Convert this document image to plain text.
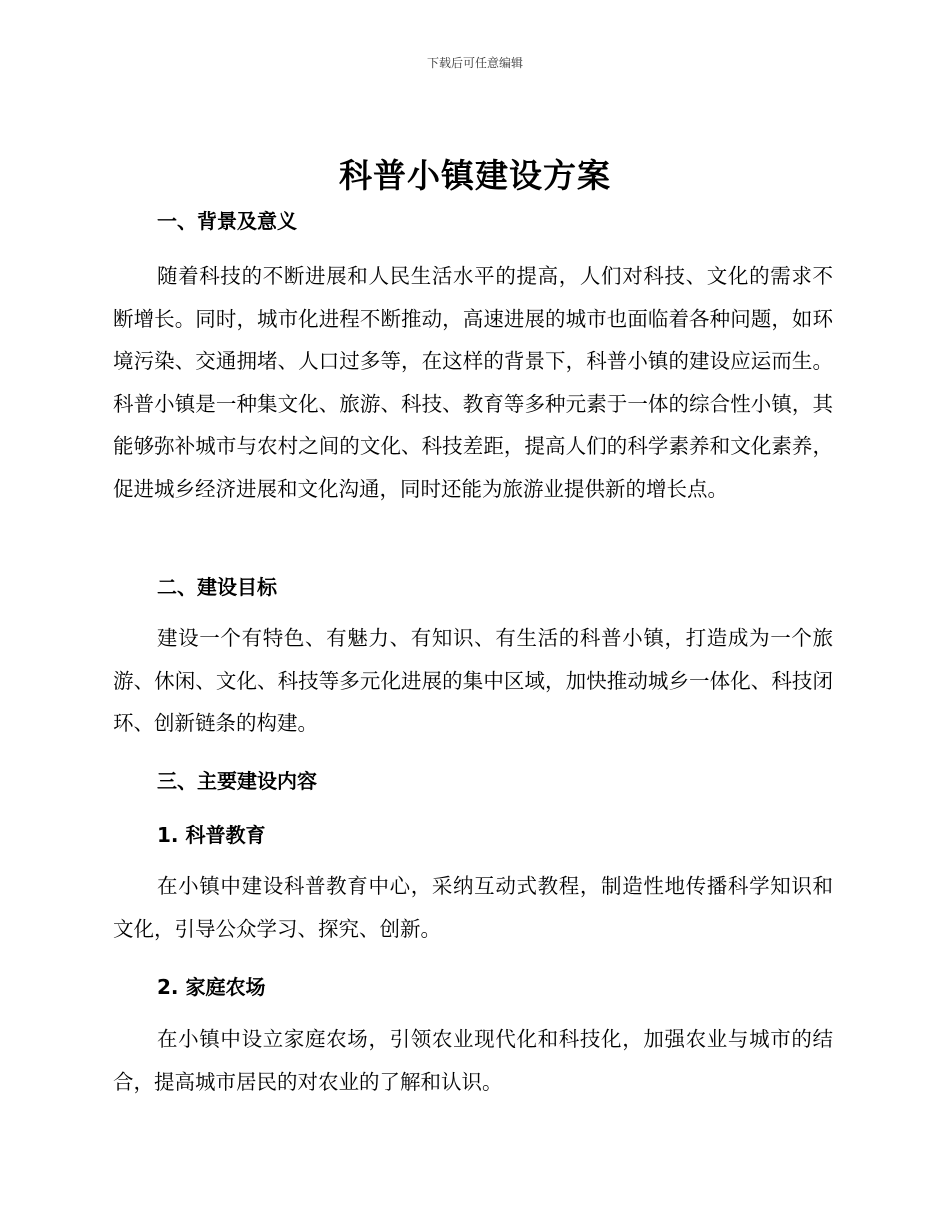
下载后可任意编辑
科普小镇建设方案
一、背景及意义
随着科技的不断进展和人民生活水平的提高，人们对科技、文化的需求不断增长。同时，城市化进程不断推动，高速进展的城市也面临着各种问题，如环境污染、交通拥堵、人口过多等，在这样的背景下，科普小镇的建设应运而生。科普小镇是一种集文化、旅游、科技、教育等多种元素于一体的综合性小镇，其能够弥补城市与农村之间的文化、科技差距，提高人们的科学素养和文化素养，促进城乡经济进展和文化沟通，同时还能为旅游业提供新的增长点。
二、建设目标
建设一个有特色、有魅力、有知识、有生活的科普小镇，打造成为一个旅游、休闲、文化、科技等多元化进展的集中区域，加快推动城乡一体化、科技闭环、创新链条的构建。
三、主要建设内容
1. 科普教育
在小镇中建设科普教育中心，采纳互动式教程，制造性地传播科学知识和文化，引导公众学习、探究、创新。
2. 家庭农场
在小镇中设立家庭农场，引领农业现代化和科技化，加强农业与城市的结合，提高城市居民的对农业的了解和认识。
